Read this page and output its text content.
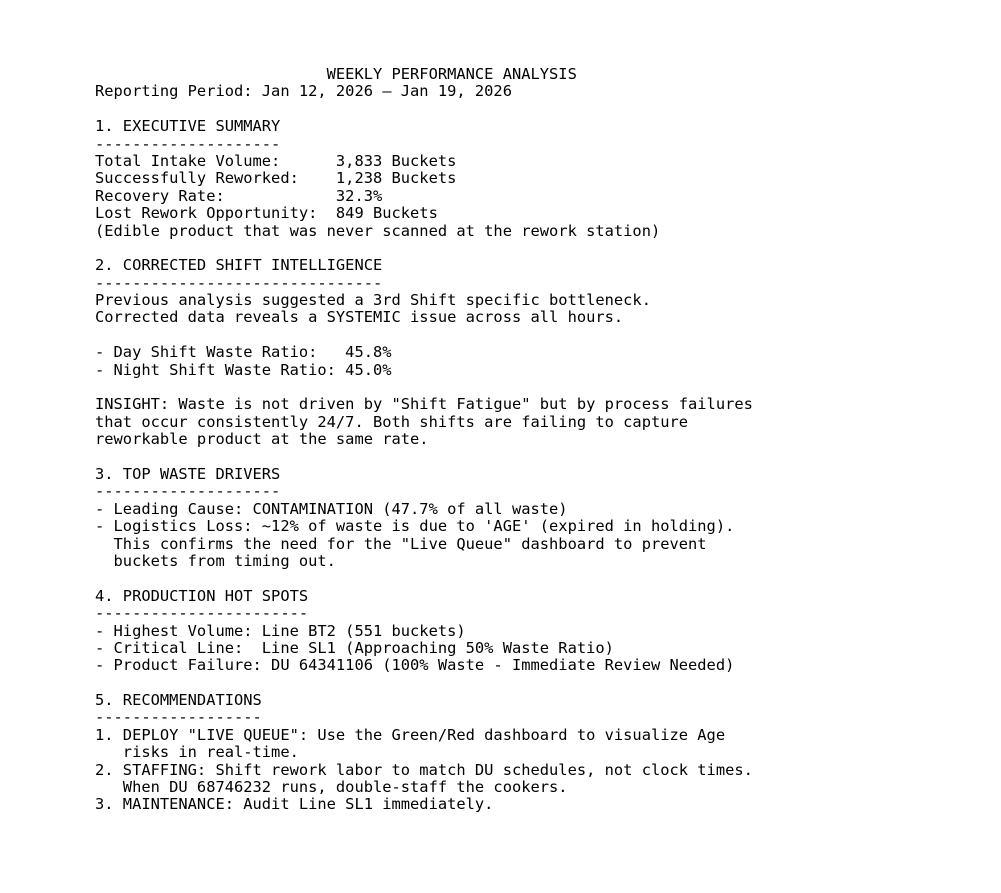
WEEKLY PERFORMANCE ANALYSIS
Reporting Period: Jan 12, 2026 – Jan 19, 2026
1. EXECUTIVE SUMMARY
--------------------
Total Intake Volume:      3,833 Buckets
Successfully Reworked:    1,238 Buckets
Recovery Rate:            32.3%
Lost Rework Opportunity:  849 Buckets
(Edible product that was never scanned at the rework station)
2. CORRECTED SHIFT INTELLIGENCE
-------------------------------
Previous analysis suggested a 3rd Shift specific bottleneck.
Corrected data reveals a SYSTEMIC issue across all hours.
- Day Shift Waste Ratio:   45.8%
- Night Shift Waste Ratio: 45.0%
INSIGHT: Waste is not driven by "Shift Fatigue" but by process failures
that occur consistently 24/7. Both shifts are failing to capture
reworkable product at the same rate.
3. TOP WASTE DRIVERS
--------------------
- Leading Cause: CONTAMINATION (47.7% of all waste)
- Logistics Loss: ~12% of waste is due to 'AGE' (expired in holding).
This confirms the need for the "Live Queue" dashboard to prevent
buckets from timing out.
4. PRODUCTION HOT SPOTS
-----------------------
- Highest Volume: Line BT2 (551 buckets)
- Critical Line:  Line SL1 (Approaching 50% Waste Ratio)
- Product Failure: DU 64341106 (100% Waste - Immediate Review Needed)
5. RECOMMENDATIONS
------------------
1. DEPLOY "LIVE QUEUE": Use the Green/Red dashboard to visualize Age
risks in real-time.
2. STAFFING: Shift rework labor to match DU schedules, not clock times.
When DU 68746232 runs, double-staff the cookers.
3. MAINTENANCE: Audit Line SL1 immediately.
